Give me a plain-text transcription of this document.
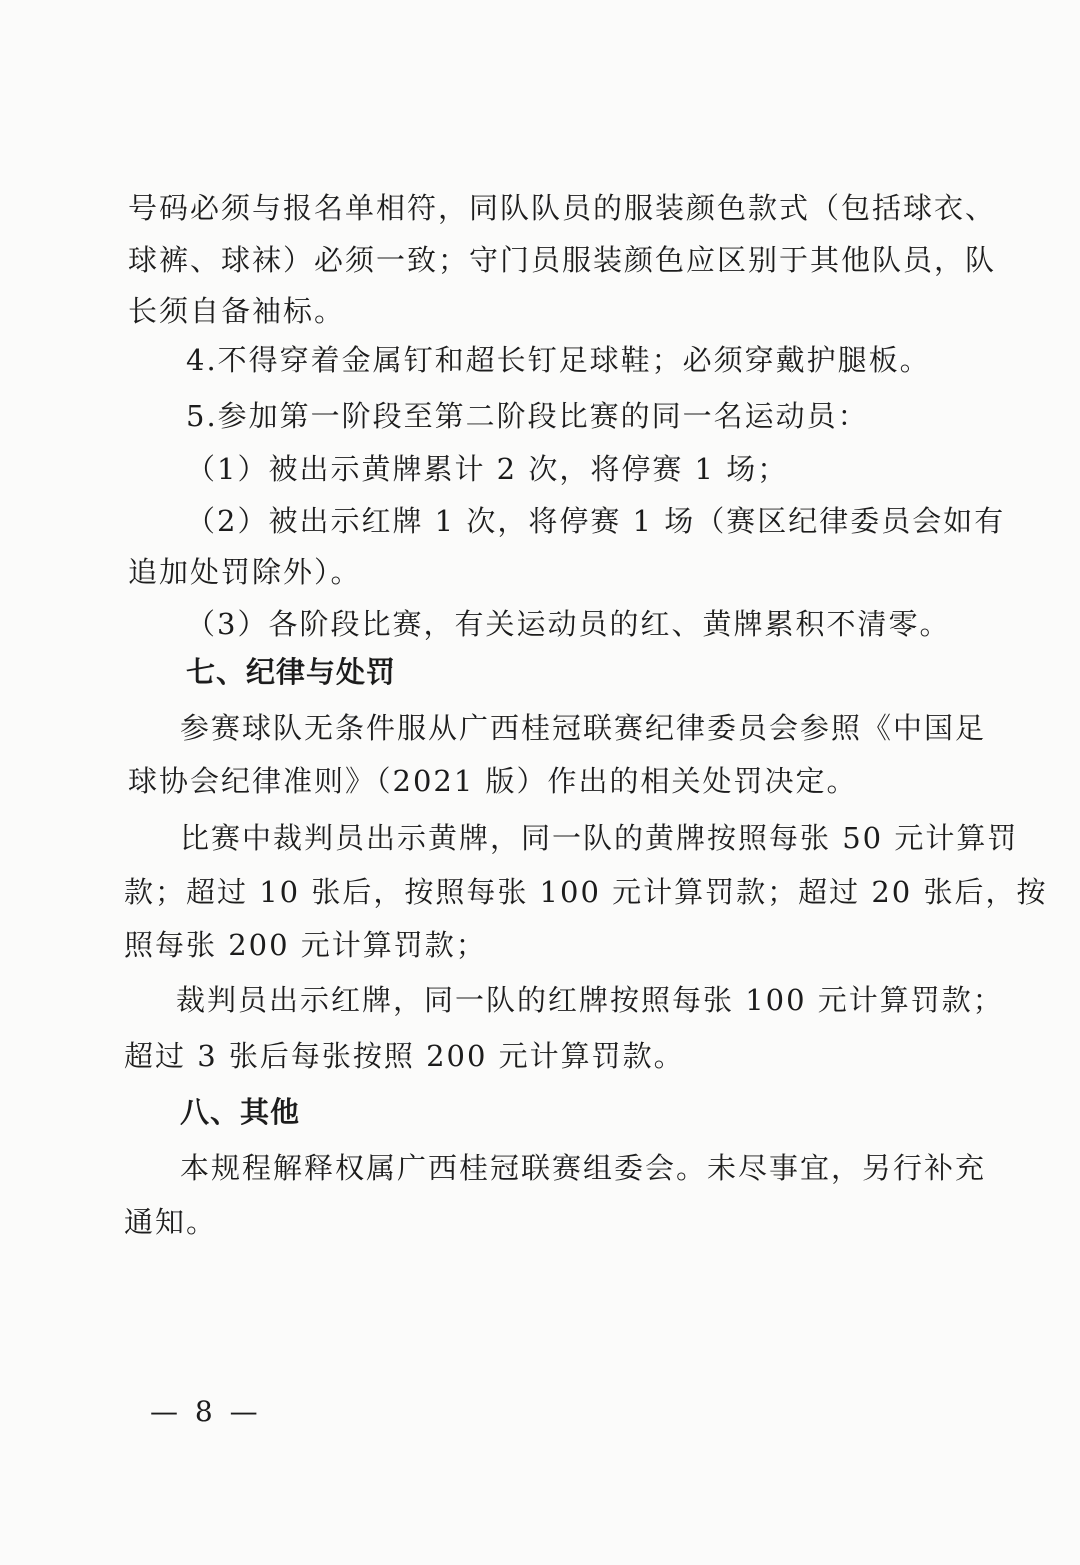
号码必须与报名单相符，同队队员的服装颜色款式（包括球衣、
球裤、球袜）必须一致；守门员服装颜色应区别于其他队员，队
长须自备袖标。
4.不得穿着金属钉和超长钉足球鞋；必须穿戴护腿板。
5.参加第一阶段至第二阶段比赛的同一名运动员：
（1）被出示黄牌累计 2 次，将停赛 1 场；
（2）被出示红牌 1 次，将停赛 1 场（赛区纪律委员会如有
追加处罚除外）。
（3）各阶段比赛，有关运动员的红、黄牌累积不清零。
七、纪律与处罚
参赛球队无条件服从广西桂冠联赛纪律委员会参照《中国足
球协会纪律准则》（2021 版）作出的相关处罚决定。
比赛中裁判员出示黄牌，同一队的黄牌按照每张 50 元计算罚
款；超过 10 张后，按照每张 100 元计算罚款；超过 20 张后，按
照每张 200 元计算罚款；
裁判员出示红牌，同一队的红牌按照每张 100 元计算罚款；
超过 3 张后每张按照 200 元计算罚款。
八、其他
本规程解释权属广西桂冠联赛组委会。未尽事宜，另行补充
通知。
— 8 —
